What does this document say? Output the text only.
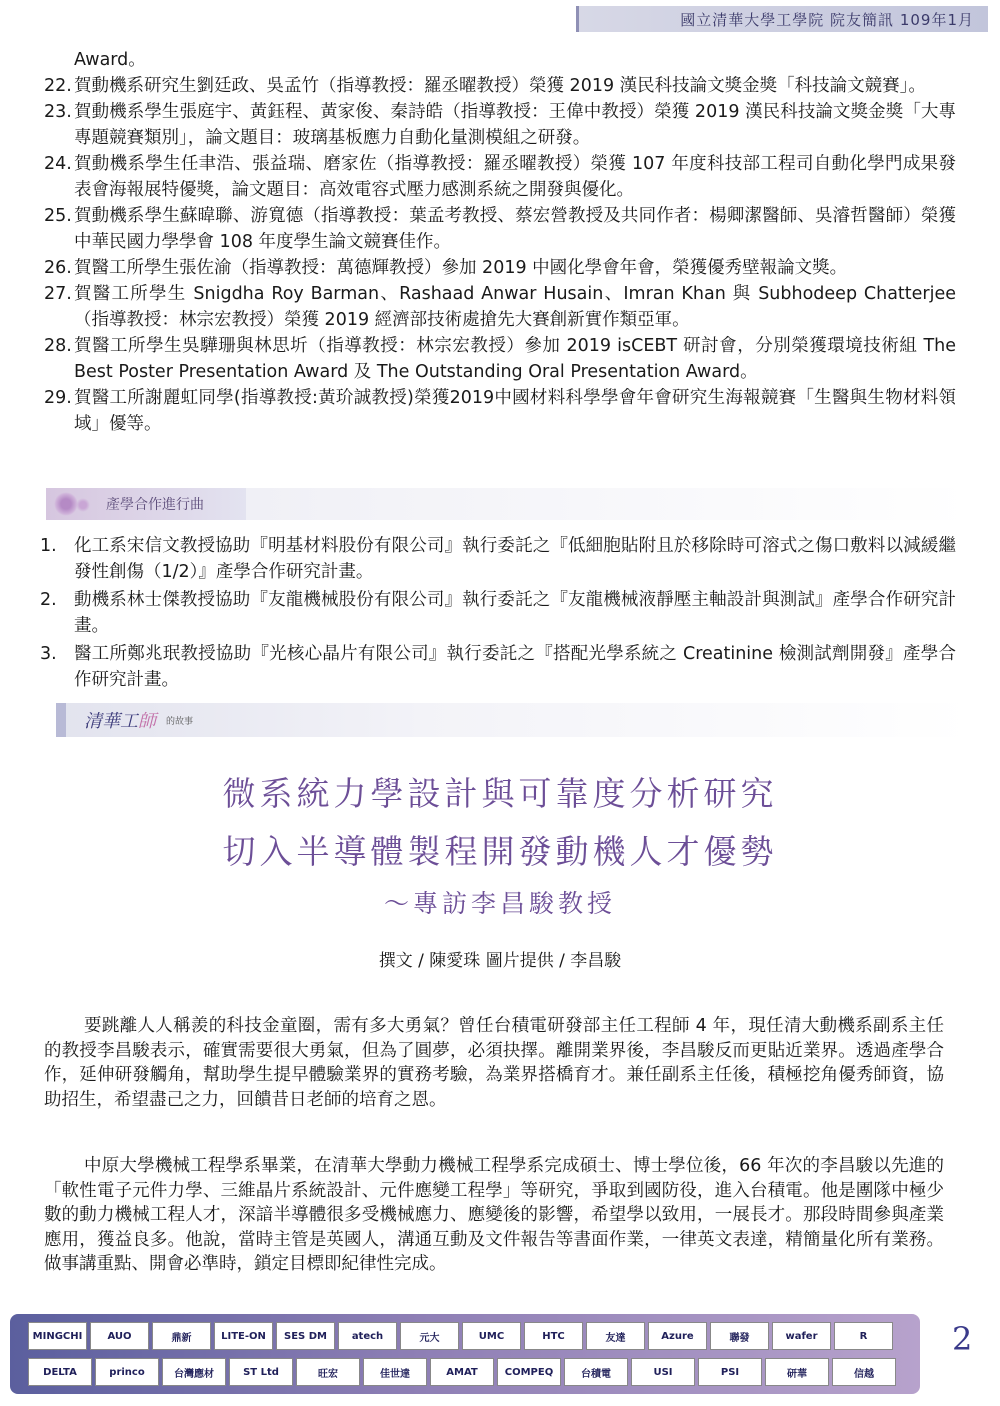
國立清華大學工學院 院友簡訊 109年1月
Award。
22. 賀動機系研究生劉廷政、吳孟竹（指導教授：羅丞曜教授）榮獲 2019 漢民科技論文獎金獎「科技論文競賽」。
23. 賀動機系學生張庭宇、黃鈺程、黃家俊、秦詩皓（指導教授：王偉中教授）榮獲 2019 漢民科技論文獎金獎「大專專題競賽類別」，論文題目：玻璃基板應力自動化量測模組之研發。
24. 賀動機系學生任聿浩、張益瑞、磨家佐（指導教授：羅丞曜教授）榮獲 107 年度科技部工程司自動化學門成果發表會海報展特優獎，論文題目：高效電容式壓力感測系統之開發與優化。
25. 賀動機系學生蘇暐聯、游寬德（指導教授：葉孟考教授、蔡宏營教授及共同作者：楊卿潔醫師、吳濬哲醫師）榮獲中華民國力學學會 108 年度學生論文競賽佳作。
26. 賀醫工所學生張佐渝（指導教授：萬德輝教授）參加 2019 中國化學會年會，榮獲優秀壁報論文獎。
27. 賀醫工所學生 Snigdha Roy Barman、Rashaad Anwar Husain、Imran Khan 與 Subhodeep Chatterjee（指導教授：林宗宏教授）榮獲 2019 經濟部技術處搶先大賽創新實作類亞軍。
28. 賀醫工所學生吳驊珊與林思圻（指導教授：林宗宏教授）參加 2019 isCEBT 研討會，分別榮獲環境技術組 The Best Poster Presentation Award 及 The Outstanding Oral Presentation Award。
29. 賀醫工所謝麗虹同學(指導教授:黃玠誠教授)榮獲2019中國材料科學學會年會研究生海報競賽「生醫與生物材料領域」優等。
產學合作進行曲
1. 化工系宋信文教授協助『明基材料股份有限公司』執行委託之『低細胞貼附且於移除時可溶式之傷口敷料以減緩繼發性創傷（1/2）』產學合作研究計畫。
2. 動機系林士傑教授協助『友龍機械股份有限公司』執行委託之『友龍機械液靜壓主軸設計與測試』產學合作研究計畫。
3. 醫工所鄭兆珉教授協助『光核心晶片有限公司』執行委託之『搭配光學系統之 Creatinine 檢測試劑開發』產學合作研究計畫。
清華工師 的故事
微系統力學設計與可靠度分析研究
切入半導體製程開發動機人才優勢
～專訪李昌駿教授
撰文 / 陳愛珠 圖片提供 / 李昌駿

要跳離人人稱羨的科技金童圈，需有多大勇氣？曾任台積電研發部主任工程師 4 年，現任清大動機系副系主任的教授李昌駿表示，確實需要很大勇氣，但為了圓夢，必須抉擇。離開業界後，李昌駿反而更貼近業界。透過產學合作，延伸研發觸角，幫助學生提早體驗業界的實務考驗，為業界搭橋育才。兼任副系主任後，積極挖角優秀師資，協助招生，希望盡己之力，回饋昔日老師的培育之恩。

中原大學機械工程學系畢業，在清華大學動力機械工程學系完成碩士、博士學位後，66 年次的李昌駿以先進的「軟性電子元件力學、三維晶片系統設計、元件應變工程學」等研究，爭取到國防役，進入台積電。他是團隊中極少數的動力機械工程人才，深諳半導體很多受機械應力、應變後的影響，希望學以致用，一展長才。那段時間參與產業應用，獲益良多。他說，當時主管是英國人，溝通互動及文件報告等書面作業，一律英文表達，精簡量化所有業務。做事講重點、開會必準時，鎖定目標即紀律性完成。

MINGCHI	AUO	鼎新	LITE-ON	SES DM	atech	元大	UMC	HTC	友達	Azure	聯發	wafer	R
DELTA	princo	台灣應材	ST Ltd	旺宏	佳世達	AMAT	COMPEQ	台積電	USI	PSI	研華	信越
2
